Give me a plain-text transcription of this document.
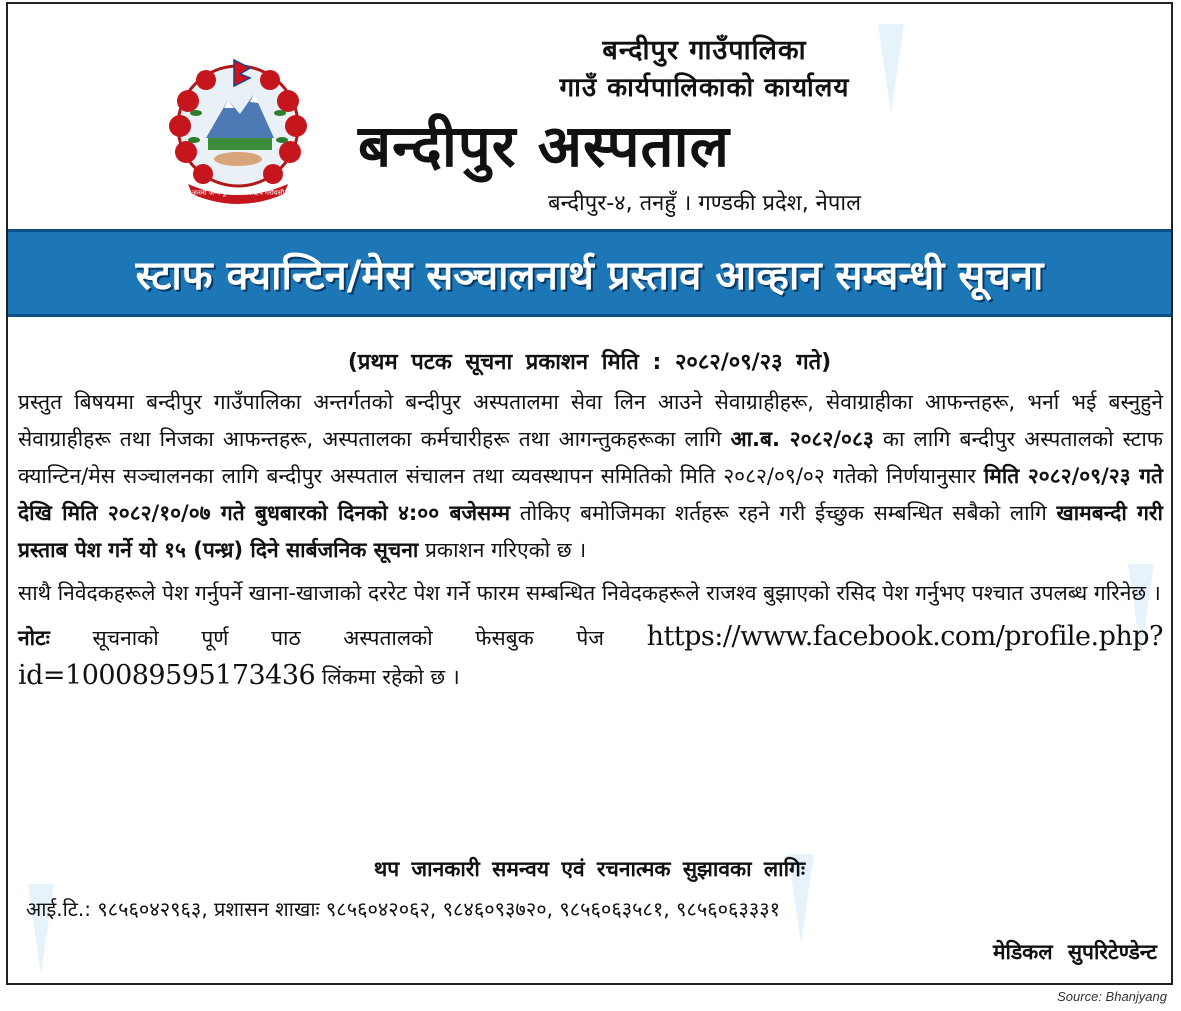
जननी जन्मभूमिश्च स्वर्गादपि गरीयसी
बन्दीपुर गाउँपालिका
गाउँ कार्यपालिकाको कार्यालय
बन्दीपुर अस्पताल
बन्दीपुर-४, तनहुँ । गण्डकी प्रदेश, नेपाल
स्टाफ क्यान्टिन/मेस सञ्चालनार्थ प्रस्ताव आव्हान सम्बन्धी सूचना
(प्रथम पटक सूचना प्रकाशन मिति : २०८२/०९/२३ गते)

प्रस्तुत बिषयमा बन्दीपुर गाउँपालिका अन्तर्गतको बन्दीपुर अस्पतालमा सेवा लिन आउने सेवाग्राहीहरू, सेवाग्राहीका आफन्तहरू, भर्ना भई बस्नुहुने सेवाग्राहीहरू तथा निजका आफन्तहरू, अस्पतालका कर्मचारीहरू तथा आगन्तुकहरूका लागि आ.ब. २०८२/०८३ का लागि बन्दीपुर अस्पतालको स्टाफ क्यान्टिन/मेस सञ्चालनका लागि बन्दीपुर अस्पताल संचालन तथा व्यवस्थापन समितिको मिति २०८२/०९/०२ गतेको निर्णयानुसार मिति २०८२/०९/२३ गते देखि मिति २०८२/१०/०७ गते बुधबारको दिनको ४:०० बजेसम्म तोकिए बमोजिमका शर्तहरू रहने गरी ईच्छुक सम्बन्धित सबैको लागि खामबन्दी गरी प्रस्ताब पेश गर्ने यो १५ (पन्ध्र) दिने सार्बजनिक सूचना प्रकाशन गरिएको छ ।

साथै निवेदकहरूले पेश गर्नुपर्ने खाना-खाजाको दररेट पेश गर्ने फारम सम्बन्धित निवेदकहरूले राजश्व बुझाएको रसिद पेश गर्नुभए पश्चात उपलब्ध गरिनेछ ।

नोटः सूचनाको पूर्ण पाठ अस्पतालको फेसबुक पेज https://www.facebook.com/profile.php?id=100089595173436 लिंकमा रहेको छ ।

थप जानकारी समन्वय एवं रचनात्मक सुझावका लागिः
आई.टि.: ९८५६०४२९६३, प्रशासन शाखाः ९८५६०४२०६२, ९८४६०९३७२०, ९८५६०६३५८१, ९८५६०६३३३१
मेडिकल सुपरिटेण्डेन्ट
Source: Bhanjyang
